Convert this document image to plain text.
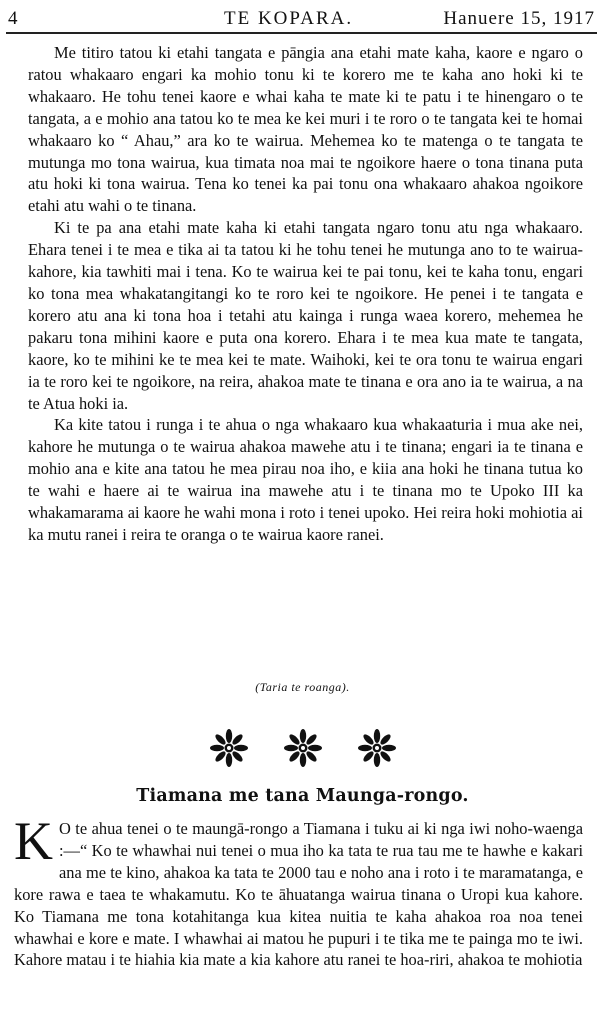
4	TE KOPARA.	Hanuere 15, 1917

Me titiro tatou ki etahi tangata e pāngia ana etahi mate kaha, kaore e ngaro o ratou whakaaro engari ka mohio tonu ki te korero me te kaha ano hoki ki te whakaaro. He tohu tenei kaore e whai kaha te mate ki te patu i te hinengaro o te tangata, a e mohio ana tatou ko te mea ke kei muri i te roro o te tangata kei te homai whakaaro ko “ Ahau,” ara ko te wairua. Mehemea ko te matenga o te tangata te mutunga mo tona wairua, kua timata noa mai te ngoikore haere o tona tinana puta atu hoki ki tona wairua. Tena ko tenei ka pai tonu ona whakaaro ahakoa ngoikore etahi atu wahi o te tinana.

Ki te pa ana etahi mate kaha ki etahi tangata ngaro tonu atu nga whakaaro. Ehara tenei i te mea e tika ai ta tatou ki he tohu tenei he mutunga ano to te wairua-kahore, kia tawhiti mai i tena. Ko te wairua kei te pai tonu, kei te kaha tonu, engari ko tona mea whakatangitangi ko te roro kei te ngoikore. He penei i te tangata e korero atu ana ki tona hoa i tetahi atu kainga i runga waea korero, mehemea he pakaru tona mihini kaore e puta ona korero. Ehara i te mea kua mate te tangata, kaore, ko te mihini ke te mea kei te mate. Waihoki, kei te ora tonu te wairua engari ia te roro kei te ngoikore, na reira, ahakoa mate te tinana e ora ano ia te wairua, a na te Atua hoki ia.

Ka kite tatou i runga i te ahua o nga whakaaro kua whakaaturia i mua ake nei, kahore he mutunga o te wairua ahakoa mawehe atu i te tinana; engari ia te tinana e mohio ana e kite ana tatou he mea pirau noa iho, e kiia ana hoki he tinana tutua ko te wahi e haere ai te wairua ina mawehe atu i te tinana mo te Upoko III ka whakamarama ai kaore he wahi mona i roto i tenei upoko. Hei reira hoki mohiotia ai ka mutu ranei i reira te oranga o te wairua kaore ranei.

(Taria te roanga).
Tiamana me tana Maunga-rongo.
K O te ahua tenei o te maungā-rongo a Tiamana i tuku ai ki nga iwi noho-waenga :—“ Ko te whawhai nui tenei o mua iho ka tata te rua tau me te hawhe e kakari ana me te kino, ahakoa ka tata te 2000 tau e noho ana i roto i te maramatanga, e kore rawa e taea te whakamutu. Ko te āhuatanga wairua tinana o Uropi kua kahore. Ko Tiamana me tona kotahitanga kua kitea nuitia te kaha ahakoa roa noa tenei whawhai e kore e mate. I whawhai ai matou he pupuri i te tika me te painga mo te iwi. Kahore matau i te hiahia kia mate a kia kahore atu ranei te hoa-riri, ahakoa te mohiotia
